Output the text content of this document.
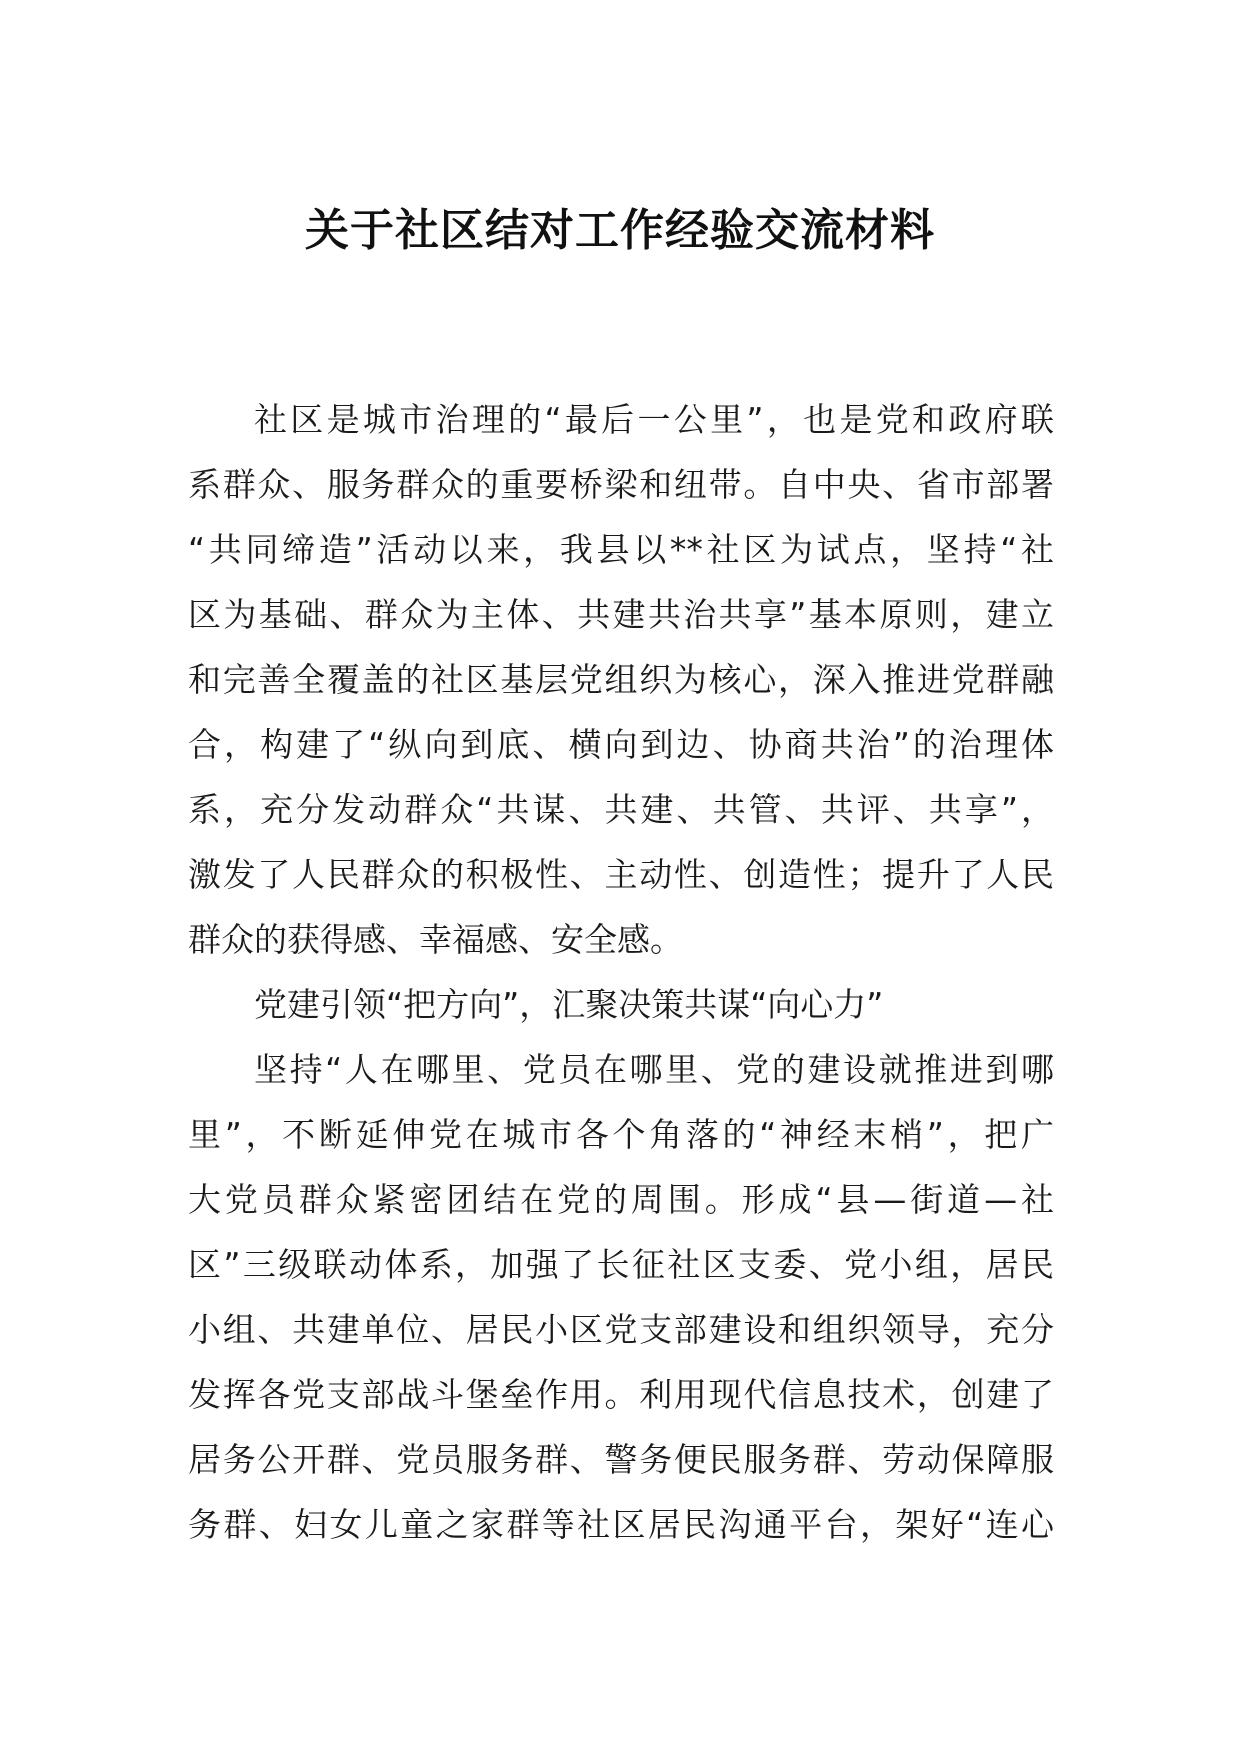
关于社区结对工作经验交流材料
社区是城市治理的“最后一公里”，也是党和政府联
系群众、服务群众的重要桥梁和纽带。自中央、省市部署
“共同缔造”活动以来，我县以**社区为试点，坚持“社
区为基础、群众为主体、共建共治共享”基本原则，建立
和完善全覆盖的社区基层党组织为核心，深入推进党群融
合，构建了“纵向到底、横向到边、协商共治”的治理体
系，充分发动群众“共谋、共建、共管、共评、共享”，
激发了人民群众的积极性、主动性、创造性；提升了人民
群众的获得感、幸福感、安全感。
党建引领“把方向”，汇聚决策共谋“向心力”
坚持“人在哪里、党员在哪里、党的建设就推进到哪
里”，不断延伸党在城市各个角落的“神经末梢”，把广
大党员群众紧密团结在党的周围。形成“县—街道—社
区”三级联动体系，加强了长征社区支委、党小组，居民
小组、共建单位、居民小区党支部建设和组织领导，充分
发挥各党支部战斗堡垒作用。利用现代信息技术，创建了
居务公开群、党员服务群、警务便民服务群、劳动保障服
务群、妇女儿童之家群等社区居民沟通平台，架好“连心
